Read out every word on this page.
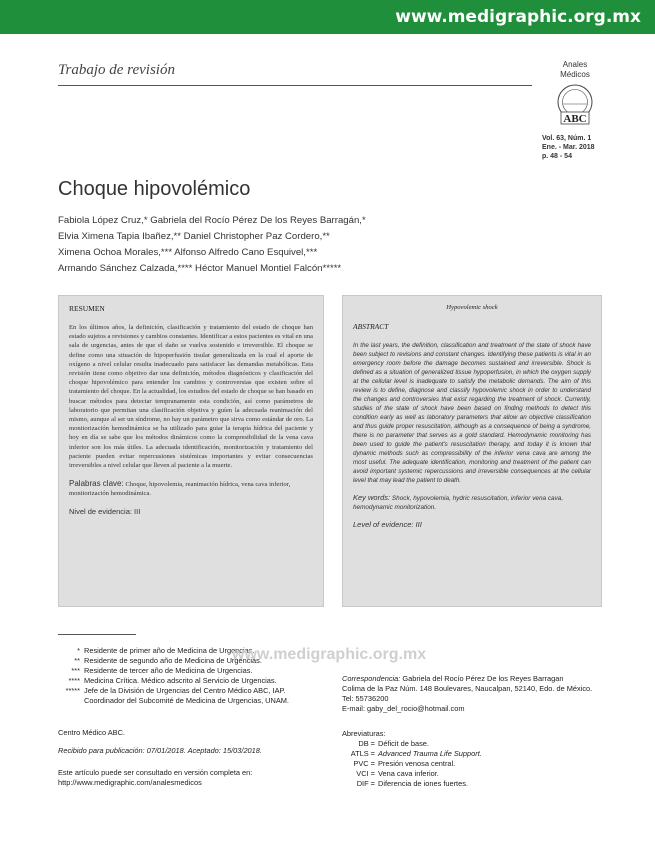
www.medigraphic.org.mx
Trabajo de revisión	Anales
Médicos
ABC
Vol. 63, Núm. 1
Ene. - Mar. 2018
p. 48 - 54
Choque hipovolémico
Fabiola López Cruz,* Gabriela del Rocío Pérez De los Reyes Barragán,*
Elvia Ximena Tapia Ibañez,** Daniel Christopher Paz Cordero,**
Ximena Ochoa Morales,*** Alfonso Alfredo Cano Esquivel,***
Armando Sánchez Calzada,**** Héctor Manuel Montiel Falcón*****
RESUMEN
En los últimos años, la definición, clasificación y tratamiento del estado de choque han estado sujetos a revisiones y cambios constantes. Identificar a estos pacientes es vital en una sala de urgencias, antes de que el daño se vuelva sostenido e irreversible. El choque se define como una situación de hipoperfusión tisular generalizada en la cual el aporte de oxígeno a nivel celular resulta inadecuado para satisfacer las demandas metabólicas. Esta revisión tiene como objetivo dar una definición, métodos diagnósticos y clasificación del choque hipovolémico para entender los cambios y controversias que existen sobre el tratamiento del choque. En la actualidad, los estudios del estado de choque se han basado en buscar métodos para detectar tempranamente esta condición, así como parámetros de laboratorio que permitan una clasificación objetiva y guíen la adecuada reanimación del mismo, aunque al ser un síndrome, no hay un parámetro que sirva como estándar de oro. La monitorización hemodinámica se ha utilizado para guiar la terapia hídrica del paciente y hoy en día se sabe que los métodos dinámicos como la compresibilidad de la vena cava inferior son los más útiles. La adecuada identificación, monitorización y tratamiento del paciente pueden evitar repercusiones sistémicas importantes y evitar consecuencias irreversibles a nivel celular que lleven al paciente a la muerte.
Palabras clave: Choque, hipovolemia, reanimación hídrica, vena cava inferior, monitorización hemodinámica.
Nivel de evidencia: III
Hypovolemic shock
ABSTRACT
In the last years, the definition, classification and treatment of the state of shock have been subject to revisions and constant changes. Identifying these patients is vital in an emergency room before the damage becomes sustained and irreversible. Shock is defined as a situation of generalized tissue hypoperfusion, in which the oxygen supply at the cellular level is inadequate to satisfy the metabolic demands. The aim of this review is to define, diagnose and classify hypovolemic shock in order to understand the changes and controversies that exist regarding the treatment of shock. Currently, studies of the state of shock have been based on finding methods to detect this condition early as well as laboratory parameters that allow an objective classification and thus guide proper resuscitation, although as a consequence of being a syndrome, there is no parameter that serves as a gold standard. Hemodynamic monitoring has been used to guide the patient's resuscitation therapy, and today it is known that dynamic methods such as compressibility of the inferior vena cava are among the most useful. The adequate identification, monitoring and treatment of the patient can avoid important systemic repercussions and irreversible consequences at the cellular level that may lead the patient to death.
Key words: Shock, hypovolemia, hydric resuscitation, inferior vena cava, hemodynamic monitorization.
Level of evidence: III
* Residente de primer año de Medicina de Urgencias.
** Residente de segundo año de Medicina de Urgencias.
*** Residente de tercer año de Medicina de Urgencias.
**** Medicina Crítica. Médico adscrito al Servicio de Urgencias.
***** Jefe de la División de Urgencias del Centro Médico ABC, IAP. Coordinador del Subcomité de Medicina de Urgencias, UNAM.
www.medigraphic.org.mx
Centro Médico ABC.
Recibido para publicación: 07/01/2018. Aceptado: 15/03/2018.
Este artículo puede ser consultado en versión completa en:
http://www.medigraphic.com/analesmedicos
Correspondencia: Gabriela del Rocío Pérez De los Reyes Barragan
Colima de la Paz Núm. 148 Boulevares, Naucalpan, 52140, Edo. de México.
Tel: 55736200
E-mail: gaby_del_rocio@hotmail.com
Abreviaturas:
DB = Déficit de base.
ATLS = Advanced Trauma Life Support.
PVC = Presión venosa central.
VCI = Vena cava inferior.
DIF = Diferencia de iones fuertes.
